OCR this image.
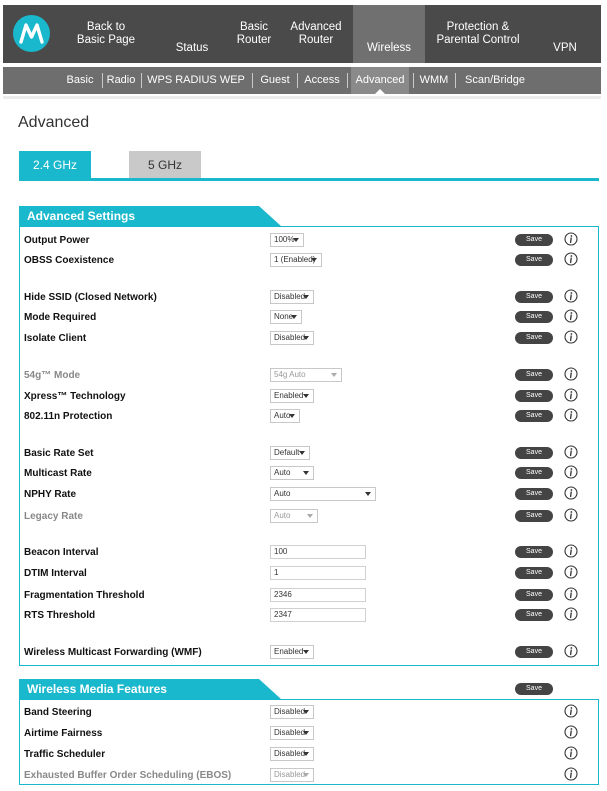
Back to
Basic Page
Status
Basic
Router
Advanced
Router
Wireless
Protection &
Parental Control
VPN
Basic	Radio WPS RADIUS WEP	Guest	Access	Advanced	WMM	Scan/Bridge
Advanced
2.4 GHz	5 GHz
Advanced Settings
Output Power	100%	Save
OBSS Coexistence	1 (Enabled)	Save
Hide SSID (Closed Network)	Disabled	Save
Mode Required	None	Save
Isolate Client	Disabled	Save
54g™ Mode	54g Auto	Save
Xpress™ Technology	Enabled	Save
802.11n Protection	Auto	Save
Basic Rate Set	Default	Save
Multicast Rate	Auto	Save
NPHY Rate	Auto	Save
Legacy Rate	Auto	Save
Beacon Interval	100	Save
DTIM Interval	1	Save
Fragmentation Threshold	2346	Save
RTS Threshold	2347	Save
Wireless Multicast Forwarding (WMF)	Enabled	Save
Wireless Media Features	Save
Band Steering	Disabled
Airtime Fairness	Disabled
Traffic Scheduler	Disabled
Exhausted Buffer Order Scheduling (EBOS)	Disabled
